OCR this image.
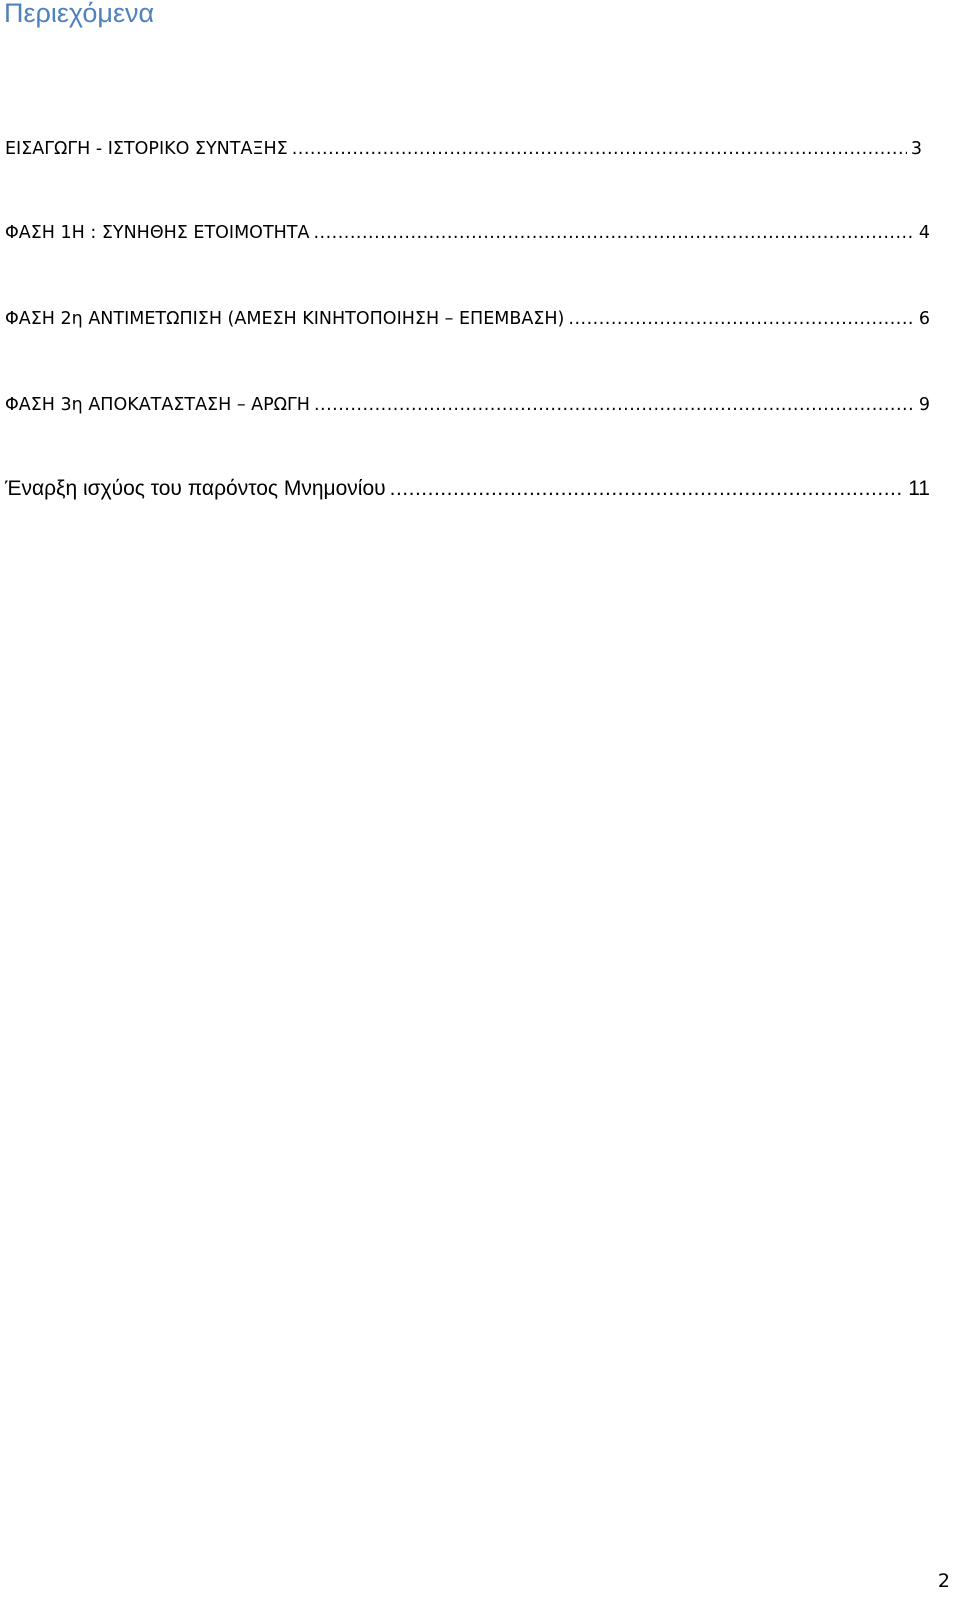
Περιεχόμενα
ΕΙΣΑΓΩΓΗ - ΙΣΤΟΡΙΚΟ ΣΥΝΤΑΞΗΣ .....	3
ΦΑΣΗ 1Η : ΣΥΝΗΘΗΣ ΕΤΟΙΜΟΤΗΤΑ .....	4
ΦΑΣΗ 2η ΑΝΤΙΜΕΤΩΠΙΣΗ (ΑΜΕΣΗ ΚΙΝΗΤΟΠΟΙΗΣΗ – ΕΠΕΜΒΑΣΗ) .....	6
ΦΑΣΗ 3η ΑΠΟΚΑΤΑΣΤΑΣΗ – ΑΡΩΓΗ .....	9
Έναρξη ισχύος του παρόντος Μνημονίου .....	11
2
